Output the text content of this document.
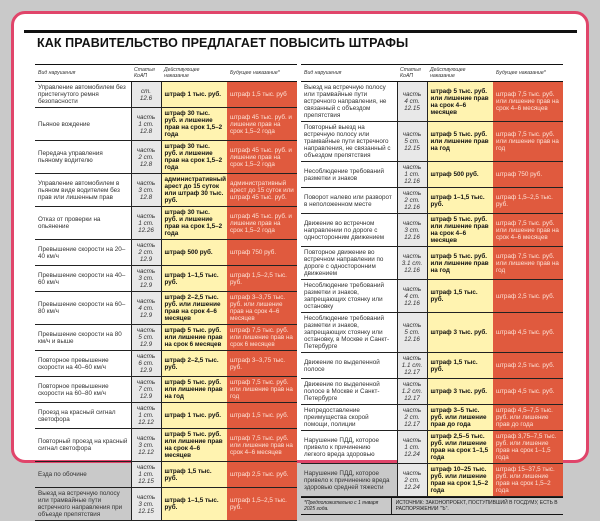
КАК ПРАВИТЕЛЬСТВО ПРЕДЛАГАЕТ ПОВЫСИТЬ ШТРАФЫ
Вид нарушения	Статья КоАП	Действующее наказание	Будущее наказание*
Управление автомобилем без пристегнутого ремня безопасности	ст. 12.6	штраф 1 тыс. руб.	штраф 1,5 тыс. руб
Пьяное вождение	часть 1 ст. 12.8	штраф 30 тыс. руб. и лишение прав на срок 1,5–2 года	штраф 45 тыс. руб. и лишение прав на срок 1,5–2 года
Передача управления пьяному водителю	часть 2 ст. 12.8	штраф 30 тыс. руб. и лишение прав на срок 1,5–2 года	штраф 45 тыс. руб. и лишение прав на срок 1,5–2 года
Управление автомобилем в пьяном виде водителем без прав или лишенным прав	часть 3 ст. 12.8	административный арест до 15 суток или штраф 30 тыс. руб.	административный арест до 15 суток или штраф 45 тыс. руб.
Отказ от проверки на опьянение	часть 1 ст. 12.26	штраф 30 тыс. руб. и лишение прав на срок 1,5–2 года	штраф 45 тыс. руб. и лишение прав на срок 1,5–2 года
Превышение скорости на 20–40 км/ч	часть 2 ст. 12.9	штраф 500 руб.	штраф 750 руб.
Превышение скорости на 40–60 км/ч	часть 3 ст. 12.9	штраф 1–1,5 тыс. руб.	штраф 1,5–2,5 тыс. руб.
Превышение скорости на 60–80 км/ч	часть 4 ст. 12.9	штраф 2–2,5 тыс. руб. или лишение прав на срок 4–6 месяцев	штраф 3–3,75 тыс. руб. или лишение прав на срок 4–6 месяцев
Превышение скорости на 80 км/ч и выше	часть 5 ст. 12.9	штраф 5 тыс. руб. или лишение прав на срок 6 месяцев	штраф 7,5 тыс. руб. или лишение прав на срок 6 месяцев
Повторное превышение скорости на 40–60 км/ч	часть 6 ст. 12.9	штраф 2–2,5 тыс. руб.	штраф 3–3,75 тыс. руб.
Повторное превышение скорости на 60–80 км/ч	часть 7 ст. 12.9	штраф 5 тыс. руб. или лишение прав на год	штраф 7,5 тыс. руб. или лишение прав на год
Проезд на красный сигнал светофора	часть 1 ст. 12.12	штраф 1 тыс. руб.	штраф 1,5 тыс. руб.
Повторный проезд на красный сигнал светофора	часть 3 ст. 12.12	штраф 5 тыс. руб. или лишение прав на срок 4–6 месяцев	штраф 7,5 тыс. руб. или лишение прав на срок 4–6 месяцев
Езда по обочине	часть 1 ст. 12.15	штраф 1,5 тыс. руб.	штраф 2,5 тыс. руб.
Выезд на встречную полосу или трамвайные пути встречного направления при объезде препятствия	часть 3 ст. 12.15	штраф 1–1,5 тыс. руб.	штраф 1,5–2,5 тыс. руб.
Вид нарушения	Статья КоАП	Действующее наказание	Будущее наказание*
Выезд на встречную полосу или трамвайные пути встречного направления, не связанный с объездом препятствия	часть 4 ст. 12.15	штраф 5 тыс. руб. или лишение прав на срок 4–6 месяцев	штраф 7,5 тыс. руб. или лишение прав на срок 4–6 месяцев
Повторный выезд на встречную полосу или трамвайные пути встречного направления, не связанный с объездом препятствия	часть 5 ст. 12.15	штраф 5 тыс. руб. или лишение прав на год	штраф 7,5 тыс. руб. или лишение прав на год
Несоблюдение требований разметки и знаков	часть 1 ст. 12.16	штраф 500 руб.	штраф 750 руб.
Поворот налево или разворот в неположенном месте	часть 2 ст. 12.16	штраф 1–1,5 тыс. руб.	штраф 1,5–2,5 тыс. руб.
Движение во встречном направлении по дороге с односторонним движением	часть 3 ст. 12.16	штраф 5 тыс. руб. или лишение прав на срок 4–6 месяцев	штраф 7,5 тыс. руб. или лишение прав на срок 4–6 месяцев
Повторное движение во встречном направлении по дороге с односторонним движением	часть 3.1 ст. 12.16	штраф 5 тыс. руб. или лишение прав на год	штраф 7,5 тыс. руб. или лишение прав на год
Несоблюдение требований разметки и знаков, запрещающих стоянку или остановку	часть 4 ст. 12.16	штраф 1,5 тыс. руб.	штраф 2,5 тыс. руб.
Несоблюдение требований разметки и знаков, запрещающих стоянку или остановку, в Москве и Санкт-Петербурге	часть 5 ст. 12.16	штраф 3 тыс. руб.	штраф 4,5 тыс. руб.
Движение по выделенной полосе	часть 1.1 ст. 12.17	штраф 1,5 тыс. руб.	штраф 2,5 тыс. руб.
Движение по выделенной полосе в Москве и Санкт-Петербурге	часть 1.2 ст. 12.17	штраф 3 тыс. руб.	штраф 4,5 тыс. руб.
Непредоставление преимущества скорой помощи, полиции	часть 2 ст. 12.17	штраф 3–5 тыс. руб. или лишение прав до года	штраф 4,5–7,5 тыс. руб. или лишение прав до года
Нарушение ПДД, которое привело к причинению легкого вреда здоровью	часть 1 ст. 12.24	штраф 2,5–5 тыс. руб. или лишение прав на срок 1–1,5 года	штраф 3,75–7,5 тыс. руб. или лишение прав на срок 1–1,5 года
Нарушение ПДД, которое привело к причинению вреда здоровью средней тяжести	часть 2 ст. 12.24	штраф 10–25 тыс. руб. или лишение прав на срок 1,5–2 года	штраф 15–37,5 тыс. руб. или лишение прав на срок 1,5–2 года
*Предположительно с 1 января 2025 года.
ИСТОЧНИК: ЗАКОНОПРОЕКТ, ПОСТУПИВШИЙ В ГОСДУМУ, ЕСТЬ В РАСПОРЯЖЕНИИ "Ъ".
